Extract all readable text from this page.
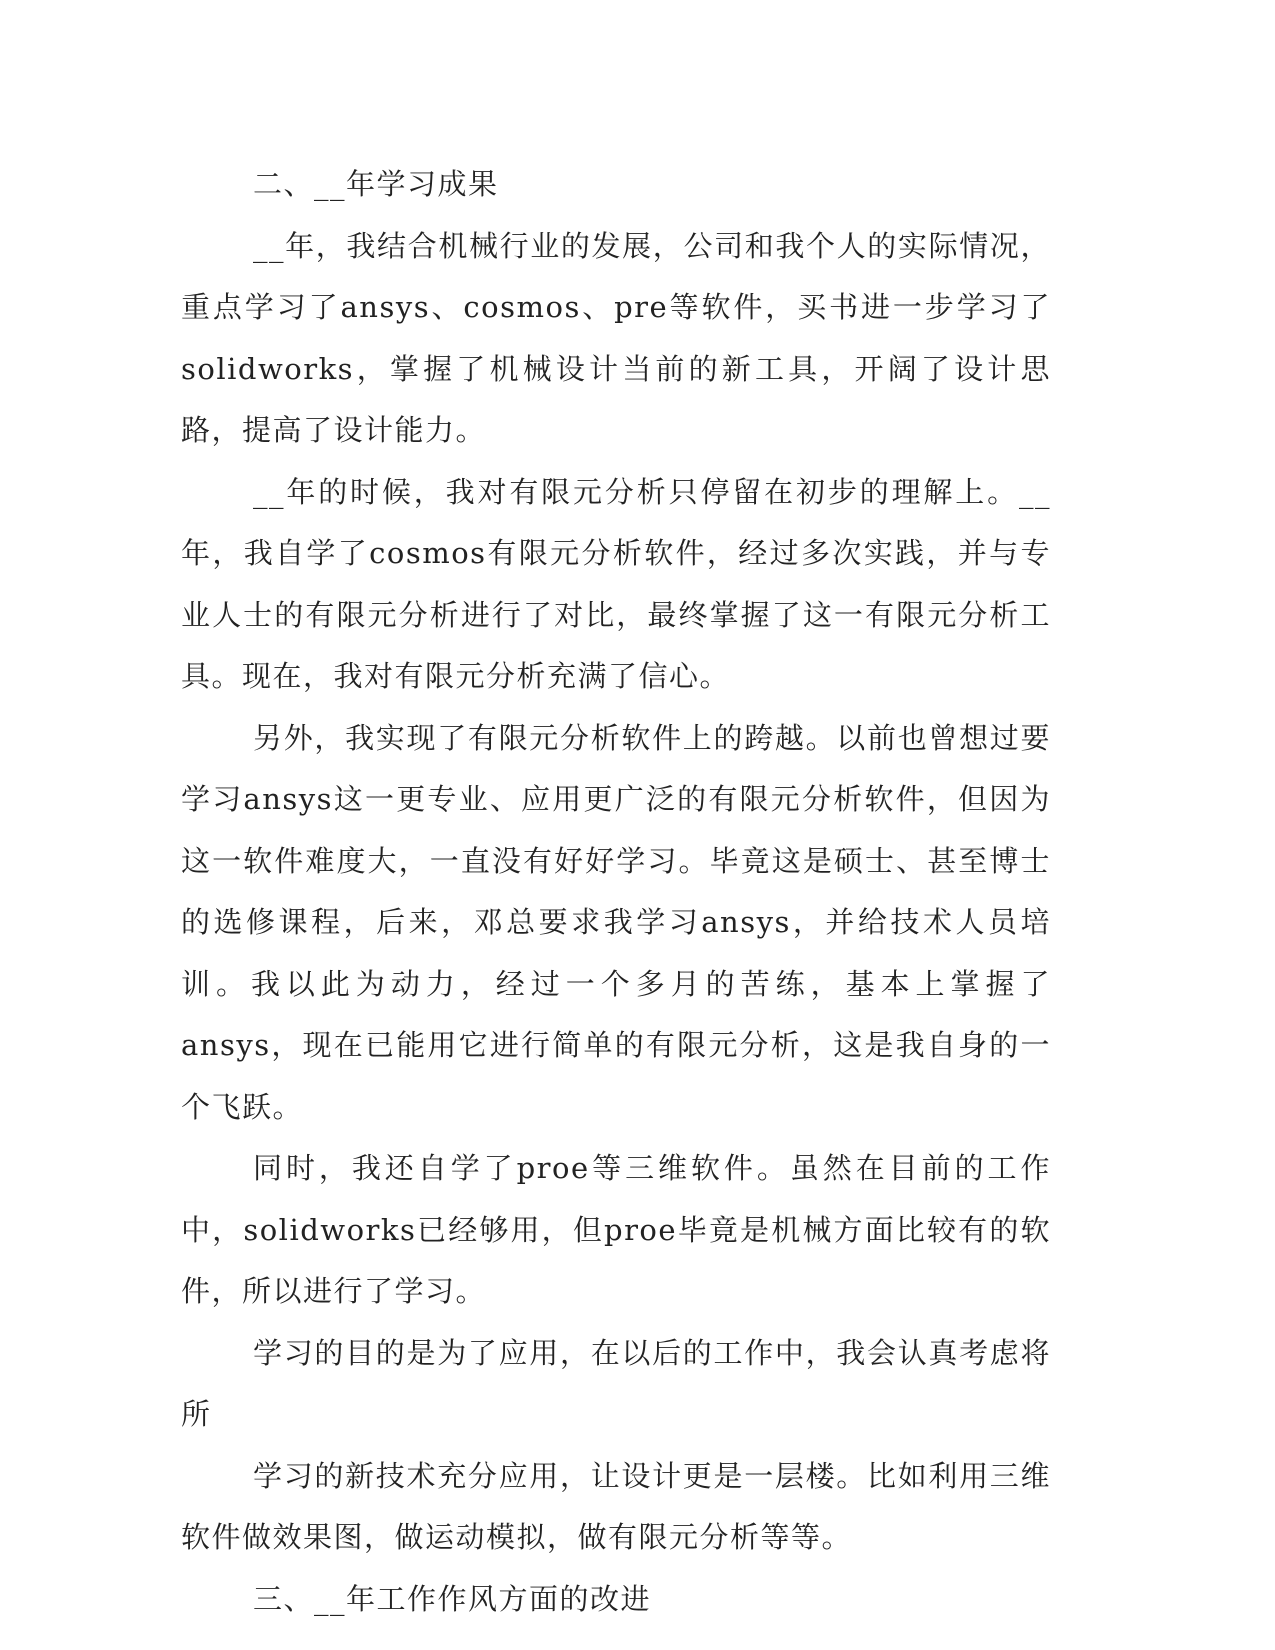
二、__年学习成果

__年，我结合机械行业的发展，公司和我个人的实际情况，重点学习了ansys、cosmos、pre等软件，买书进一步学习了solidworks，掌握了机械设计当前的新工具，开阔了设计思路，提高了设计能力。

__年的时候，我对有限元分析只停留在初步的理解上。__年，我自学了cosmos有限元分析软件，经过多次实践，并与专业人士的有限元分析进行了对比，最终掌握了这一有限元分析工具。现在，我对有限元分析充满了信心。

另外，我实现了有限元分析软件上的跨越。以前也曾想过要学习ansys这一更专业、应用更广泛的有限元分析软件，但因为这一软件难度大，一直没有好好学习。毕竟这是硕士、甚至博士的选修课程，后来，邓总要求我学习ansys，并给技术人员培训。我以此为动力，经过一个多月的苦练，基本上掌握了ansys，现在已能用它进行简单的有限元分析，这是我自身的一个飞跃。

同时，我还自学了proe等三维软件。虽然在目前的工作中，solidworks已经够用，但proe毕竟是机械方面比较有的软件，所以进行了学习。

学习的目的是为了应用，在以后的工作中，我会认真考虑将所

学习的新技术充分应用，让设计更是一层楼。比如利用三维软件做效果图，做运动模拟，做有限元分析等等。

三、__年工作作风方面的改进
